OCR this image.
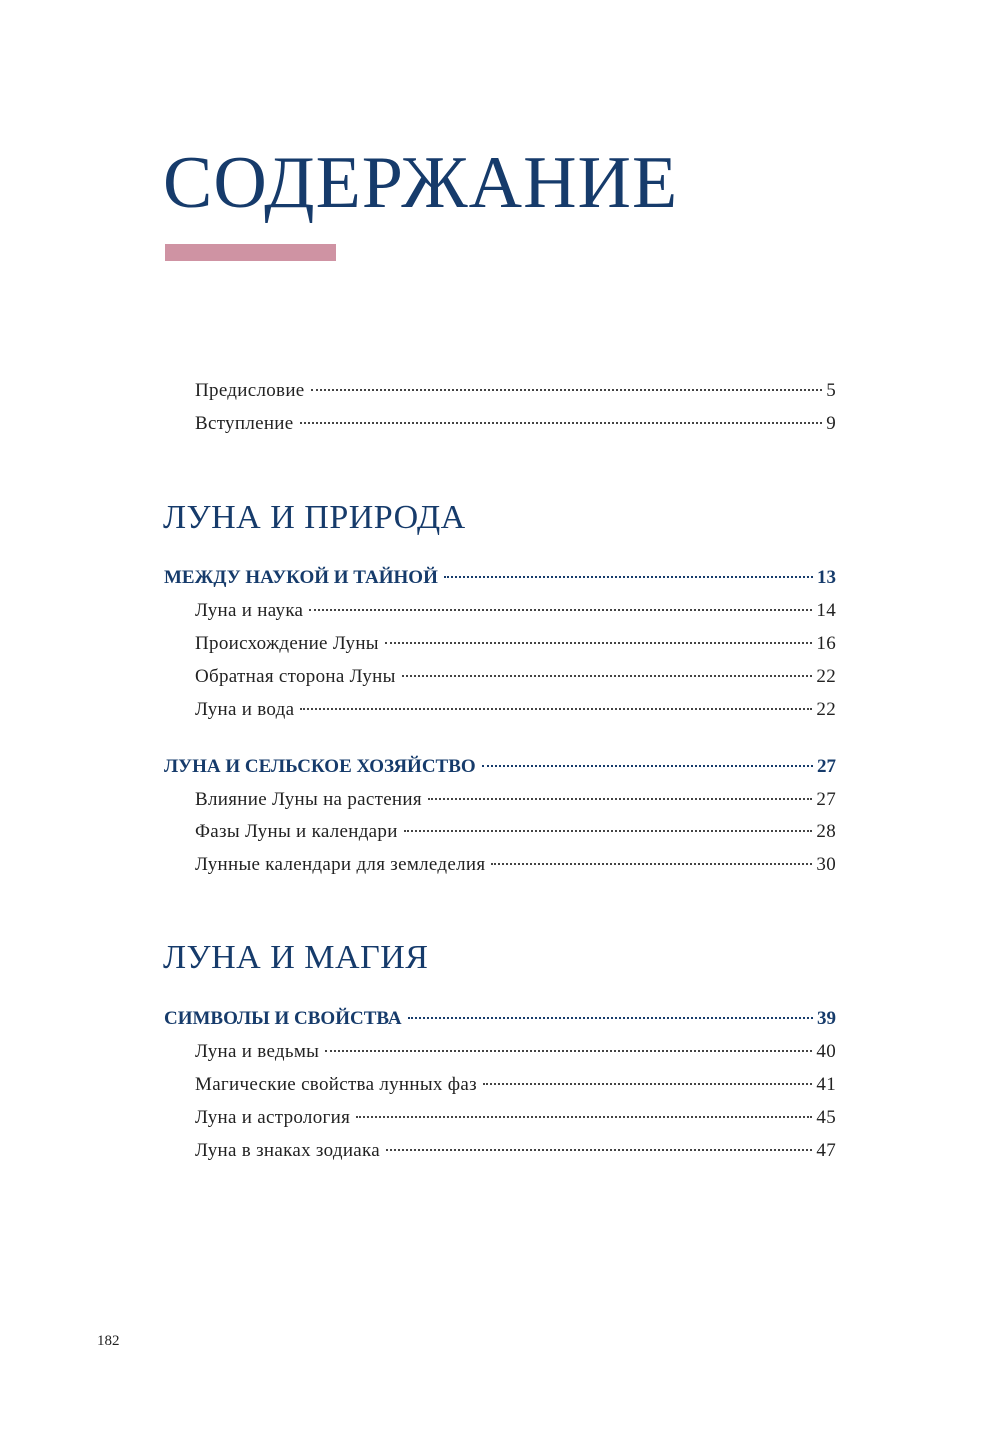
СОДЕРЖАНИЕ
Предисловие	5
Вступление	9
ЛУНА И ПРИРОДА
МЕЖДУ НАУКОЙ И ТАЙНОЙ	13
Луна и наука	14
Происхождение Луны	16
Обратная сторона Луны	22
Луна и вода	22
ЛУНА И СЕЛЬСКОЕ ХОЗЯЙСТВО	27
Влияние Луны на растения	27
Фазы Луны и календари	28
Лунные календари для земледелия	30
ЛУНА И МАГИЯ
СИМВОЛЫ И СВОЙСТВА	39
Луна и ведьмы	40
Магические свойства лунных фаз	41
Луна и астрология	45
Луна в знаках зодиака	47
182
